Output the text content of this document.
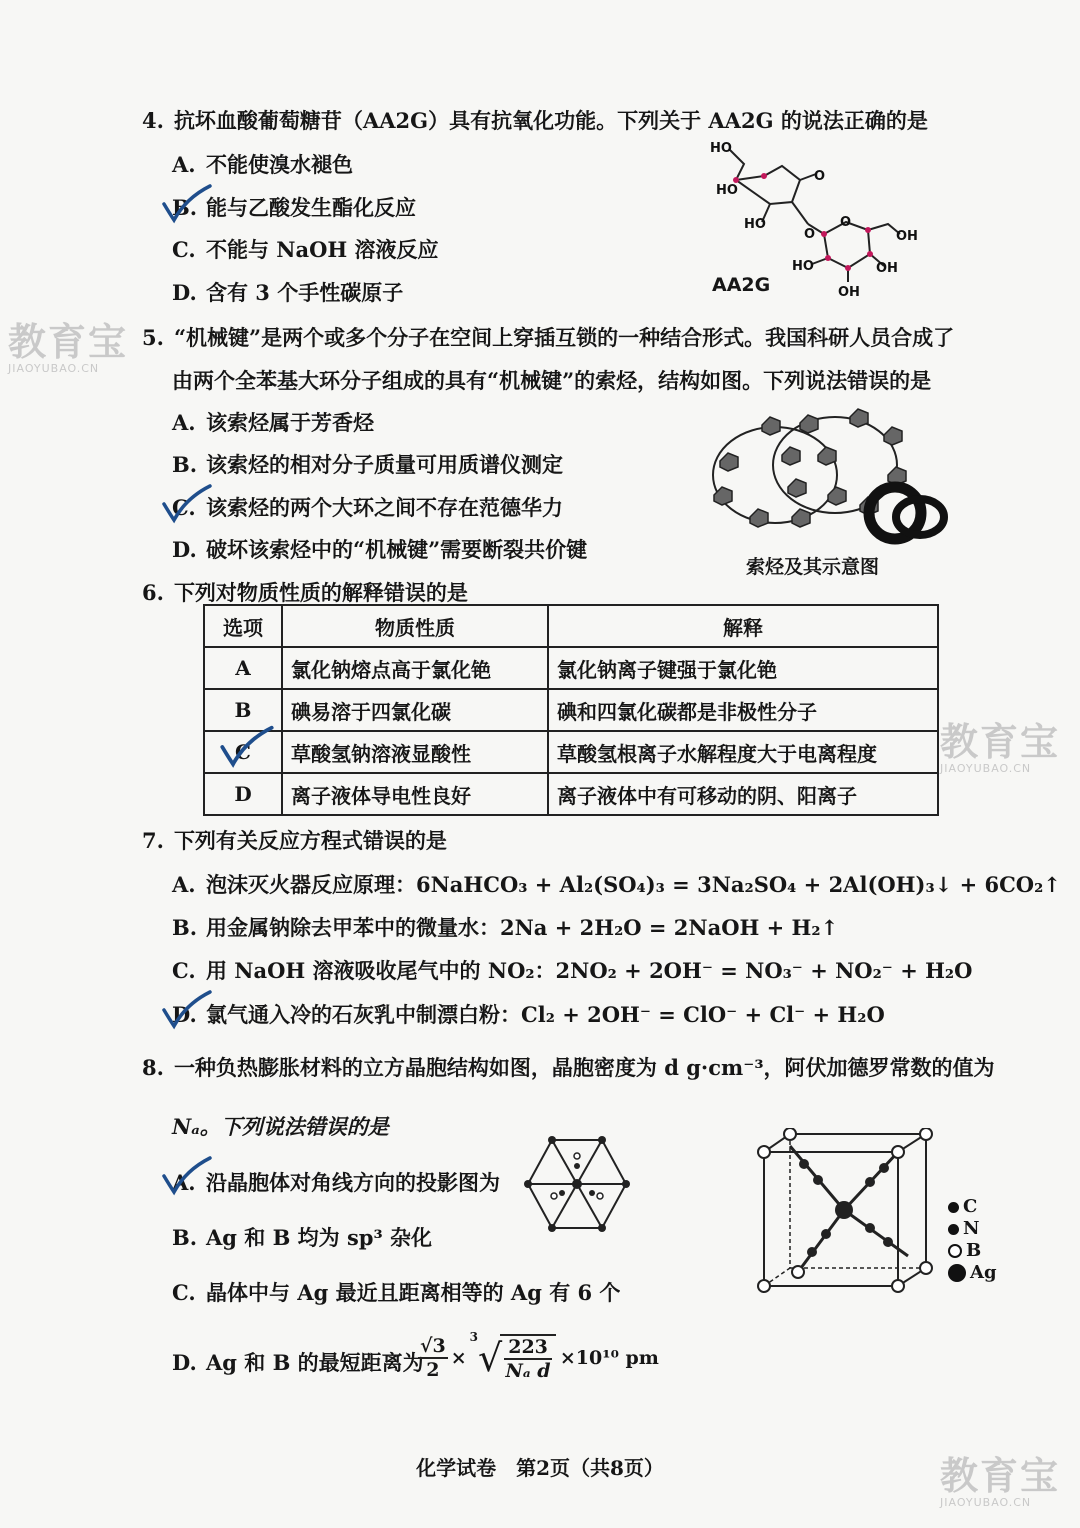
教育宝
JIAOYUBAO.CN
教育宝
JIAOYUBAO.CN
教育宝
JIAOYUBAO.CN
4. 抗坏血酸葡萄糖苷（AA2G）具有抗氧化功能。下列关于 AA2G 的说法正确的是
A. 不能使溴水褪色
B. 能与乙酸发生酯化反应
C. 不能与 NaOH 溶液反应
D. 含有 3 个手性碳原子
HO
HO
O
HO	O
O	OH
HO	OH
OH
AA2G
5. “机械键”是两个或多个分子在空间上穿插互锁的一种结合形式。我国科研人员合成了
由两个全苯基大环分子组成的具有“机械键”的索烃，结构如图。下列说法错误的是
A. 该索烃属于芳香烃
B. 该索烃的相对分子质量可用质谱仪测定
C. 该索烃的两个大环之间不存在范德华力
D. 破坏该索烃中的“机械键”需要断裂共价键
索烃及其示意图
6. 下列对物质性质的解释错误的是
选项	物质性质	解释
A	氯化钠熔点高于氯化铯	氯化钠离子键强于氯化铯
B	碘易溶于四氯化碳	碘和四氯化碳都是非极性分子
C	草酸氢钠溶液显酸性	草酸氢根离子水解程度大于电离程度
D	离子液体导电性良好	离子液体中有可移动的阴、阳离子
7. 下列有关反应方程式错误的是
A. 泡沫灭火器反应原理：6NaHCO₃ + Al₂(SO₄)₃ = 3Na₂SO₄ + 2Al(OH)₃↓ + 6CO₂↑
B. 用金属钠除去甲苯中的微量水：2Na + 2H₂O = 2NaOH + H₂↑
C. 用 NaOH 溶液吸收尾气中的 NO₂：2NO₂ + 2OH⁻ = NO₃⁻ + NO₂⁻ + H₂O
D. 氯气通入冷的石灰乳中制漂白粉：Cl₂ + 2OH⁻ = ClO⁻ + Cl⁻ + H₂O
8. 一种负热膨胀材料的立方晶胞结构如图，晶胞密度为 d g·cm⁻³，阿伏加德罗常数的值为
Nₐ。下列说法错误的是
A. 沿晶胞体对角线方向的投影图为
B. Ag 和 B 均为 sp³ 杂化
C. 晶体中与 Ag 最近且距离相等的 Ag 有 6 个
D. Ag 和 B 的最短距离为
C
N
B
Ag
$\frac{√3}{2}$ ×
3 √
$\frac{223}{\text{Nₐ d}} \times 10^{10}$ pm
化学试卷　第2页（共8页）
